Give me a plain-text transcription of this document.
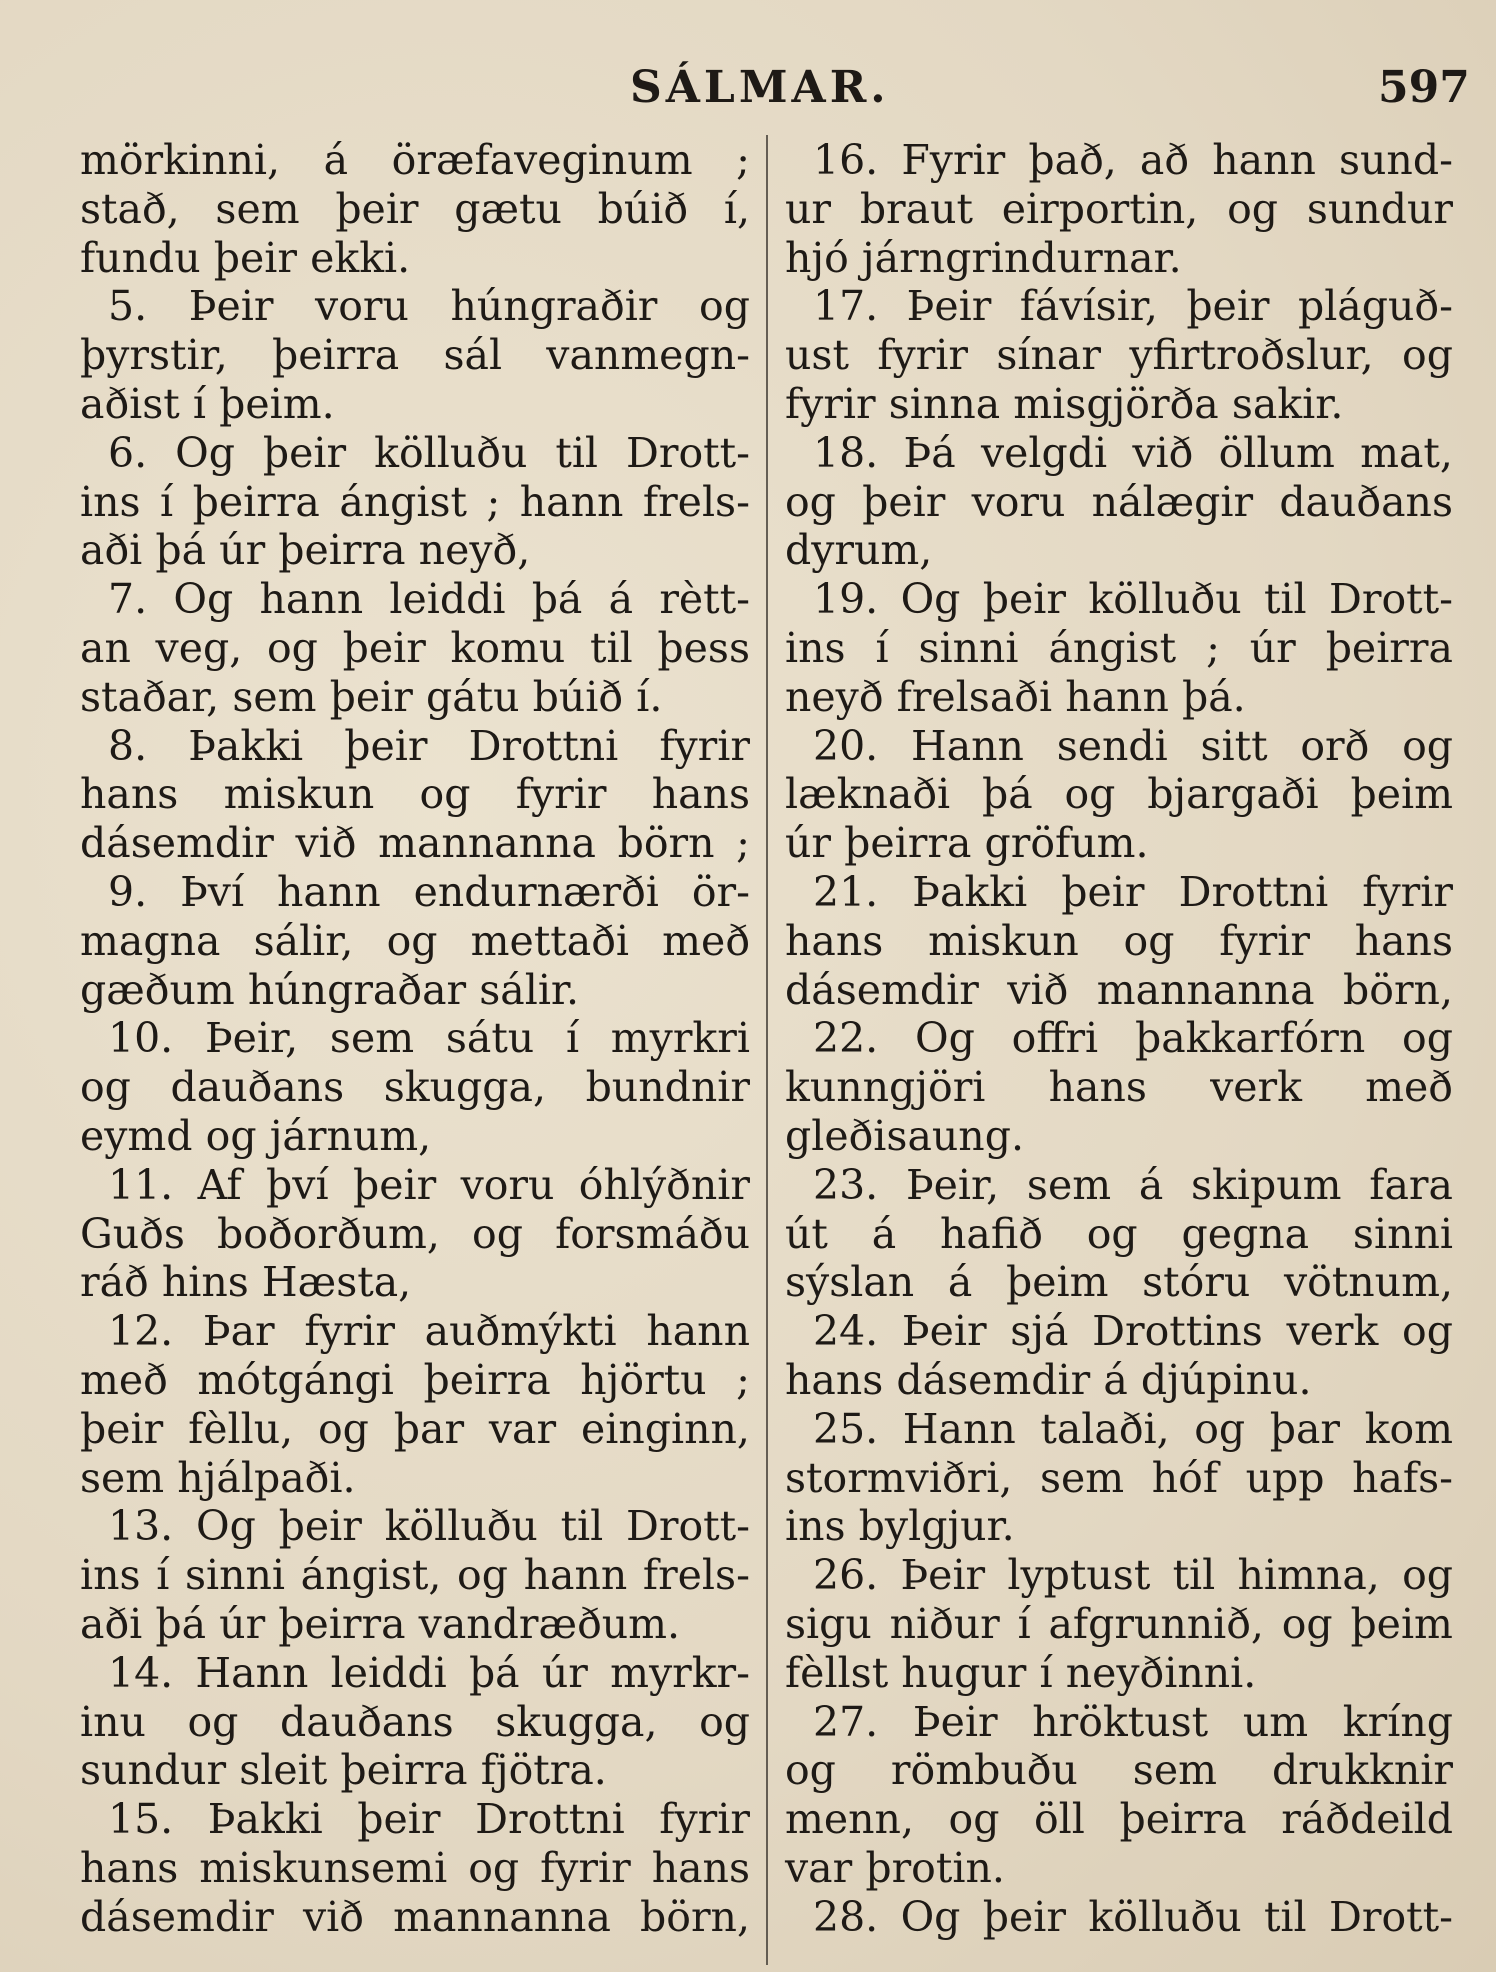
SÁLMAR.	597
mörkinni, á öræfaveginum ;
stað, sem þeir gætu búið í,
fundu þeir ekki.
5. Þeir voru húngraðir og
þyrstir, þeirra sál vanmegn-
aðist í þeim.
6. Og þeir kölluðu til Drott-
ins í þeirra ángist ; hann frels-
aði þá úr þeirra neyð,
7. Og hann leiddi þá á rètt-
an veg, og þeir komu til þess
staðar, sem þeir gátu búið í.
8. Þakki þeir Drottni fyrir
hans miskun og fyrir hans
dásemdir við mannanna börn ;
9. Því hann endurnærði ör-
magna sálir, og mettaði með
gæðum húngraðar sálir.
10. Þeir, sem sátu í myrkri
og dauðans skugga, bundnir
eymd og járnum,
11. Af því þeir voru óhlýðnir
Guðs boðorðum, og forsmáðu
ráð hins Hæsta,
12. Þar fyrir auðmýkti hann
með mótgángi þeirra hjörtu ;
þeir fèllu, og þar var einginn,
sem hjálpaði.
13. Og þeir kölluðu til Drott-
ins í sinni ángist, og hann frels-
aði þá úr þeirra vandræðum.
14. Hann leiddi þá úr myrkr-
inu og dauðans skugga, og
sundur sleit þeirra fjötra.
15. Þakki þeir Drottni fyrir
hans miskunsemi og fyrir hans
dásemdir við mannanna börn,
16. Fyrir það, að hann sund-
ur braut eirportin, og sundur
hjó járngrindurnar.
17. Þeir fávísir, þeir pláguð-
ust fyrir sínar yfirtroðslur, og
fyrir sinna misgjörða sakir.
18. Þá velgdi við öllum mat,
og þeir voru nálægir dauðans
dyrum,
19. Og þeir kölluðu til Drott-
ins í sinni ángist ; úr þeirra
neyð frelsaði hann þá.
20. Hann sendi sitt orð og
læknaði þá og bjargaði þeim
úr þeirra gröfum.
21. Þakki þeir Drottni fyrir
hans miskun og fyrir hans
dásemdir við mannanna börn,
22. Og offri þakkarfórn og
kunngjöri hans verk með
gleðisaung.
23. Þeir, sem á skipum fara
út á hafið og gegna sinni
sýslan á þeim stóru vötnum,
24. Þeir sjá Drottins verk og
hans dásemdir á djúpinu.
25. Hann talaði, og þar kom
stormviðri, sem hóf upp hafs-
ins bylgjur.
26. Þeir lyptust til himna, og
sigu niður í afgrunnið, og þeim
fèllst hugur í neyðinni.
27. Þeir hröktust um kríng
og römbuðu sem drukknir
menn, og öll þeirra ráðdeild
var þrotin.
28. Og þeir kölluðu til Drott-
